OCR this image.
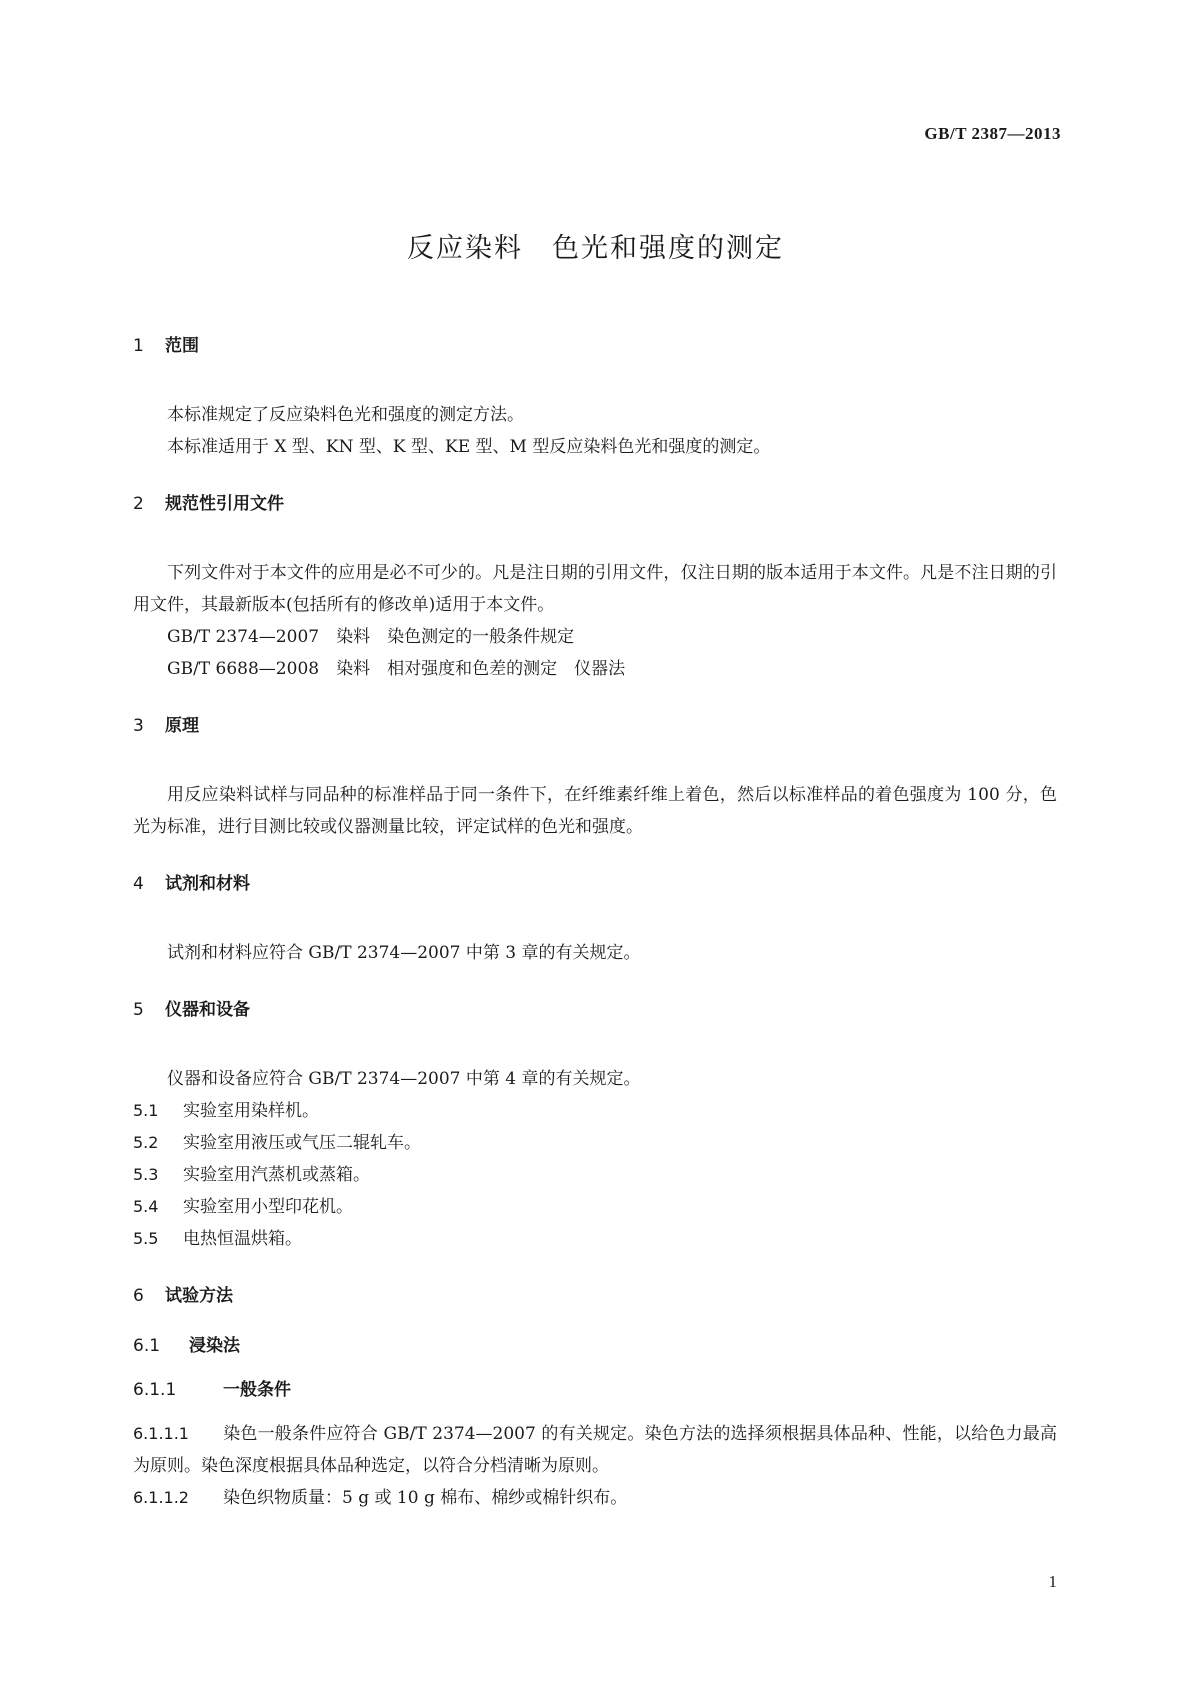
GB/T 2387—2013
反应染料　色光和强度的测定
1 范围

本标准规定了反应染料色光和强度的测定方法。

本标准适用于 X 型、KN 型、K 型、KE 型、M 型反应染料色光和强度的测定。

2 规范性引用文件

下列文件对于本文件的应用是必不可少的。凡是注日期的引用文件，仅注日期的版本适用于本文件。凡是不注日期的引用文件，其最新版本(包括所有的修改单)适用于本文件。

GB/T 2374—2007　染料　染色测定的一般条件规定

GB/T 6688—2008　染料　相对强度和色差的测定　仪器法

3 原理

用反应染料试样与同品种的标准样品于同一条件下，在纤维素纤维上着色，然后以标准样品的着色强度为 100 分，色光为标准，进行目测比较或仪器测量比较，评定试样的色光和强度。

4 试剂和材料

试剂和材料应符合 GB/T 2374—2007 中第 3 章的有关规定。

5 仪器和设备

仪器和设备应符合 GB/T 2374—2007 中第 4 章的有关规定。

5.1 实验室用染样机。

5.2 实验室用液压或气压二辊轧车。

5.3 实验室用汽蒸机或蒸箱。

5.4 实验室用小型印花机。

5.5 电热恒温烘箱。

6 试验方法
6.1 浸染法
6.1.1	一般条件

6.1.1.1 染色一般条件应符合 GB/T 2374—2007 的有关规定。染色方法的选择须根据具体品种、性能，以给色力最高为原则。染色深度根据具体品种选定，以符合分档清晰为原则。

6.1.1.2 染色织物质量：5 g 或 10 g 棉布、棉纱或棉针织布。

1
